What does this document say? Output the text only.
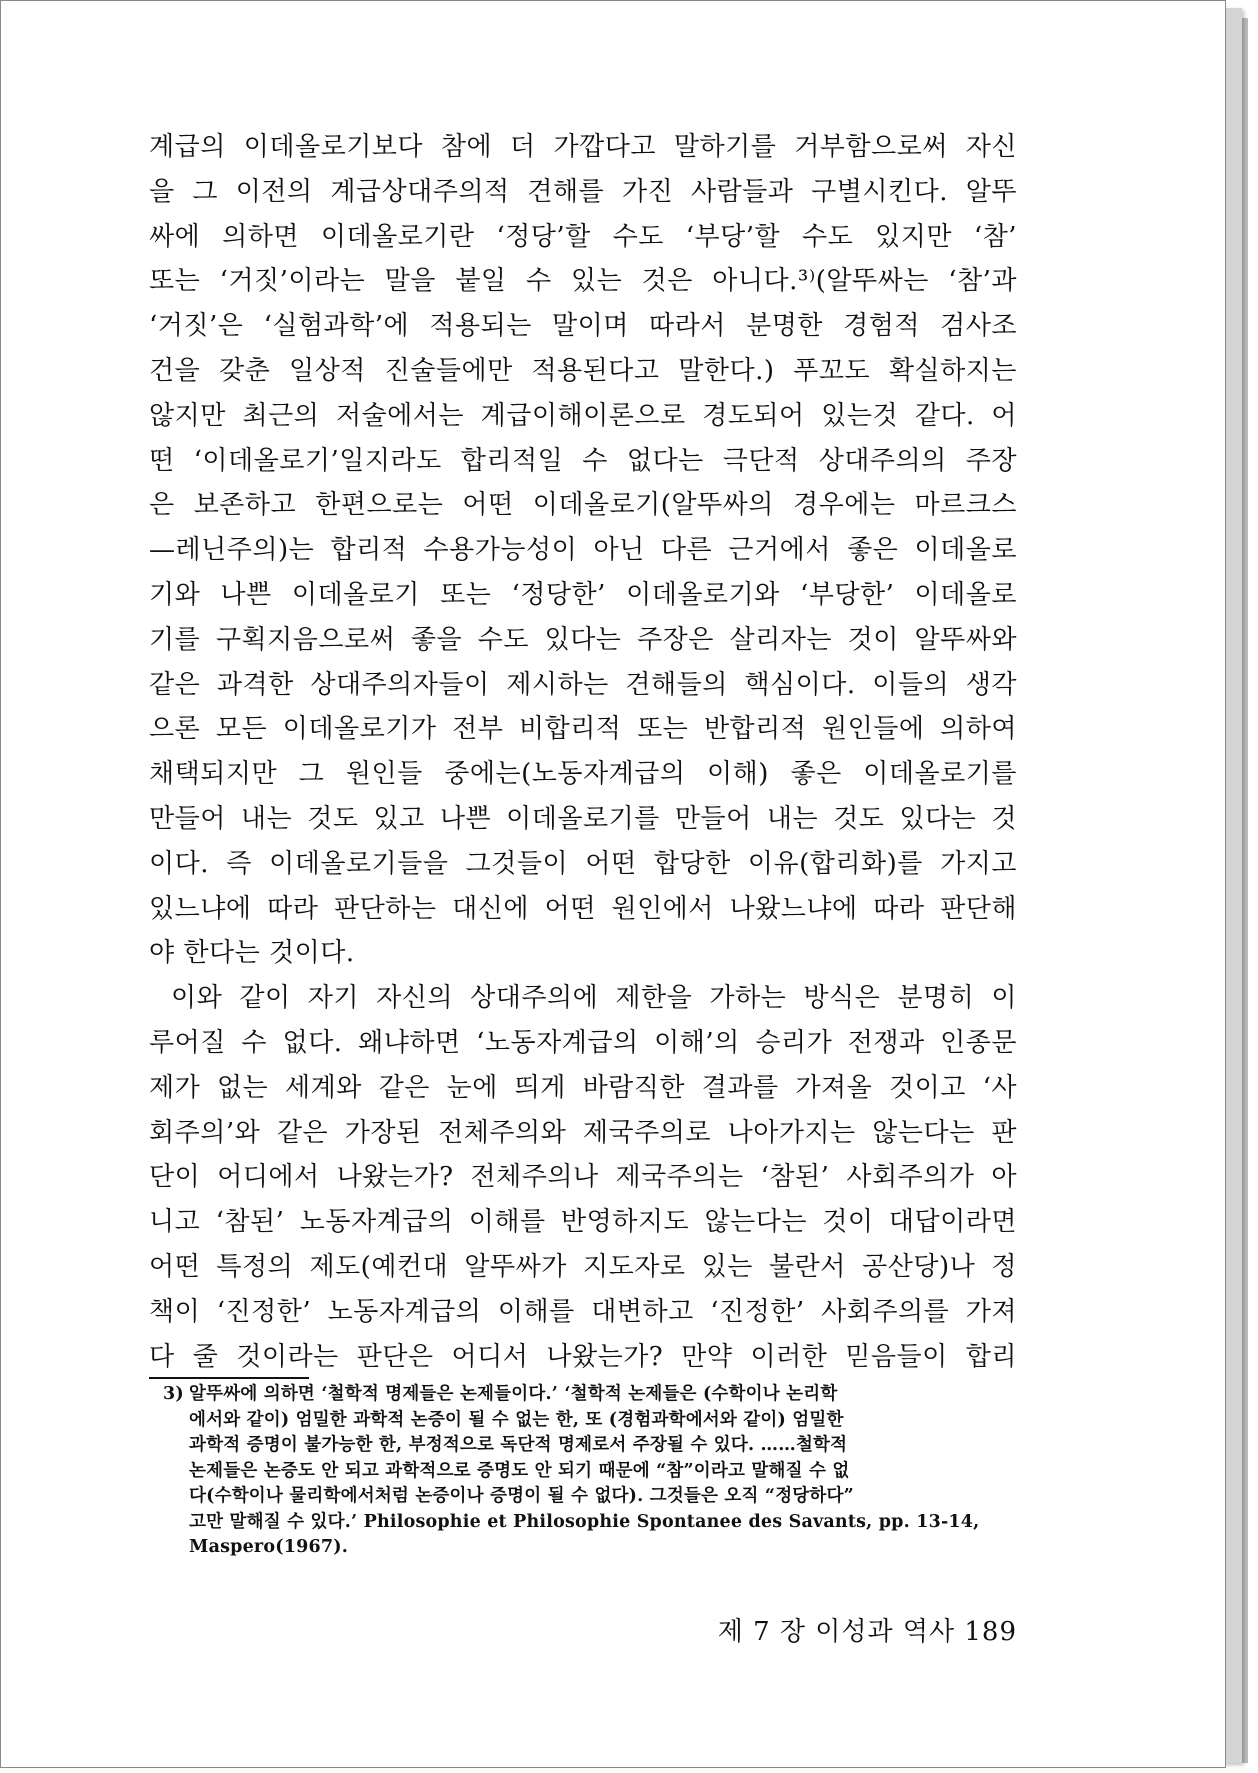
계급의 이데올로기보다 참에 더 가깝다고 말하기를 거부함으로써 자신
을 그 이전의 계급상대주의적 견해를 가진 사람들과 구별시킨다. 알뚜
싸에 의하면 이데올로기란 ‘정당’할 수도 ‘부당’할 수도 있지만 ‘참’
또는 ‘거짓’이라는 말을 붙일 수 있는 것은 아니다.³⁾(알뚜싸는 ‘참’과
‘거짓’은 ‘실험과학’에 적용되는 말이며 따라서 분명한 경험적 검사조
건을 갖춘 일상적 진술들에만 적용된다고 말한다.) 푸꼬도 확실하지는
않지만 최근의 저술에서는 계급이해이론으로 경도되어 있는것 같다. 어
떤 ‘이데올로기’일지라도 합리적일 수 없다는 극단적 상대주의의 주장
은 보존하고 한편으로는 어떤 이데올로기(알뚜싸의 경우에는 마르크스
—레닌주의)는 합리적 수용가능성이 아닌 다른 근거에서 좋은 이데올로
기와 나쁜 이데올로기 또는 ‘정당한’ 이데올로기와 ‘부당한’ 이데올로
기를 구획지음으로써 좋을 수도 있다는 주장은 살리자는 것이 알뚜싸와
같은 과격한 상대주의자들이 제시하는 견해들의 핵심이다. 이들의 생각
으론 모든 이데올로기가 전부 비합리적 또는 반합리적 원인들에 의하여
채택되지만 그 원인들 중에는(노동자계급의 이해) 좋은 이데올로기를
만들어 내는 것도 있고 나쁜 이데올로기를 만들어 내는 것도 있다는 것
이다. 즉 이데올로기들을 그것들이 어떤 합당한 이유(합리화)를 가지고
있느냐에 따라 판단하는 대신에 어떤 원인에서 나왔느냐에 따라 판단해
야 한다는 것이다.
이와 같이 자기 자신의 상대주의에 제한을 가하는 방식은 분명히 이
루어질 수 없다. 왜냐하면 ‘노동자계급의 이해’의 승리가 전쟁과 인종문
제가 없는 세계와 같은 눈에 띄게 바람직한 결과를 가져올 것이고 ‘사
회주의’와 같은 가장된 전체주의와 제국주의로 나아가지는 않는다는 판
단이 어디에서 나왔는가? 전체주의나 제국주의는 ‘참된’ 사회주의가 아
니고 ‘참된’ 노동자계급의 이해를 반영하지도 않는다는 것이 대답이라면
어떤 특정의 제도(예컨대 알뚜싸가 지도자로 있는 불란서 공산당)나 정
책이 ‘진정한’ 노동자계급의 이해를 대변하고 ‘진정한’ 사회주의를 가져
다 줄 것이라는 판단은 어디서 나왔는가? 만약 이러한 믿음들이 합리
3) 알뚜싸에 의하면 ‘철학적 명제들은 논제들이다.’ ‘철학적 논제들은 (수학이나 논리학
에서와 같이) 엄밀한 과학적 논증이 될 수 없는 한, 또 (경험과학에서와 같이) 엄밀한
과학적 증명이 불가능한 한, 부정적으로 독단적 명제로서 주장될 수 있다. ……철학적
논제들은 논증도 안 되고 과학적으로 증명도 안 되기 때문에 “참”이라고 말해질 수 없
다(수학이나 물리학에서처럼 논증이나 증명이 될 수 없다). 그것들은 오직 “정당하다”
고만 말해질 수 있다.’ Philosophie et Philosophie Spontanee des Savants, pp. 13-14,
Maspero(1967).
제 7 장 이성과 역사 189
